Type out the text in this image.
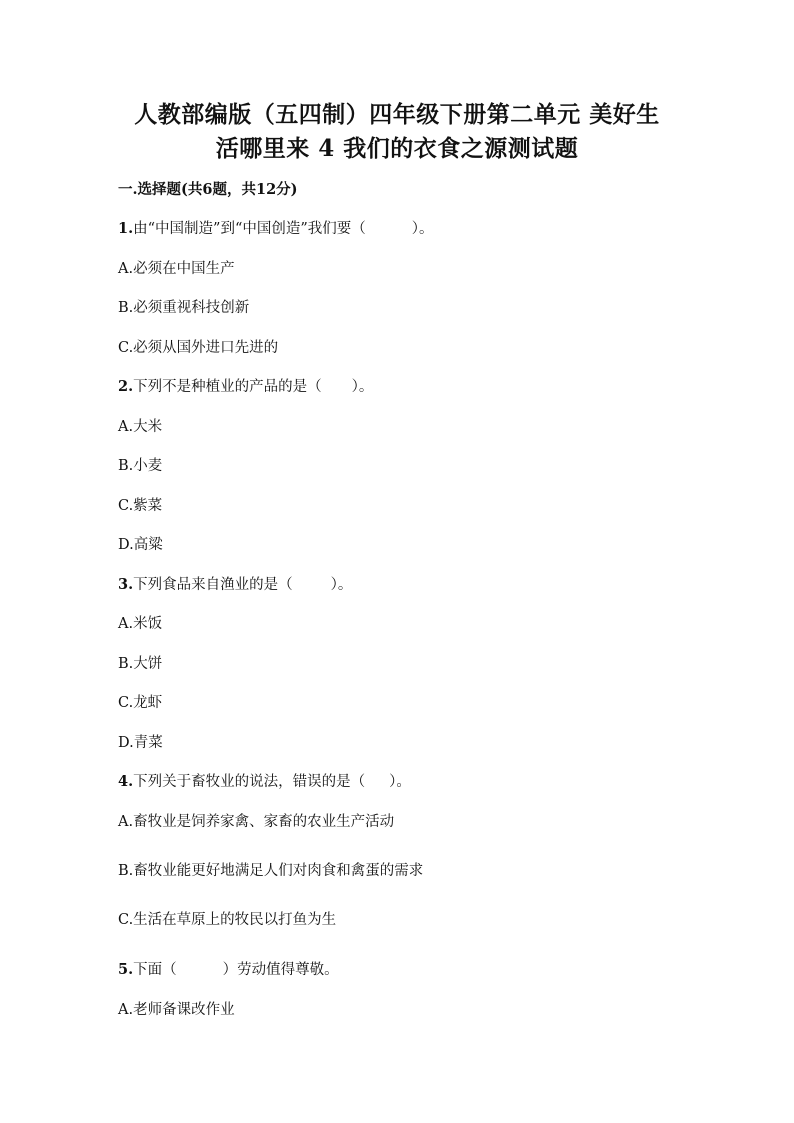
人教部编版（五四制）四年级下册第二单元 美好生
活哪里来 4 我们的衣食之源测试题
一.选择题(共6题，共12分)
1.由“中国制造”到“中国创造”我们要（	）。
A.必须在中国生产
B.必须重视科技创新
C.必须从国外进口先进的
2.下列不是种植业的产品的是（ ）。
A.大米
B.小麦
C.紫菜
D.高粱
3.下列食品来自渔业的是（	）。
A.米饭
B.大饼
C.龙虾
D.青菜
4.下列关于畜牧业的说法，错误的是（ ）。
A.畜牧业是饲养家禽、家畜的农业生产活动
B.畜牧业能更好地满足人们对肉食和禽蛋的需求
C.生活在草原上的牧民以打鱼为生
5.下面（	）劳动值得尊敬。
A.老师备课改作业
